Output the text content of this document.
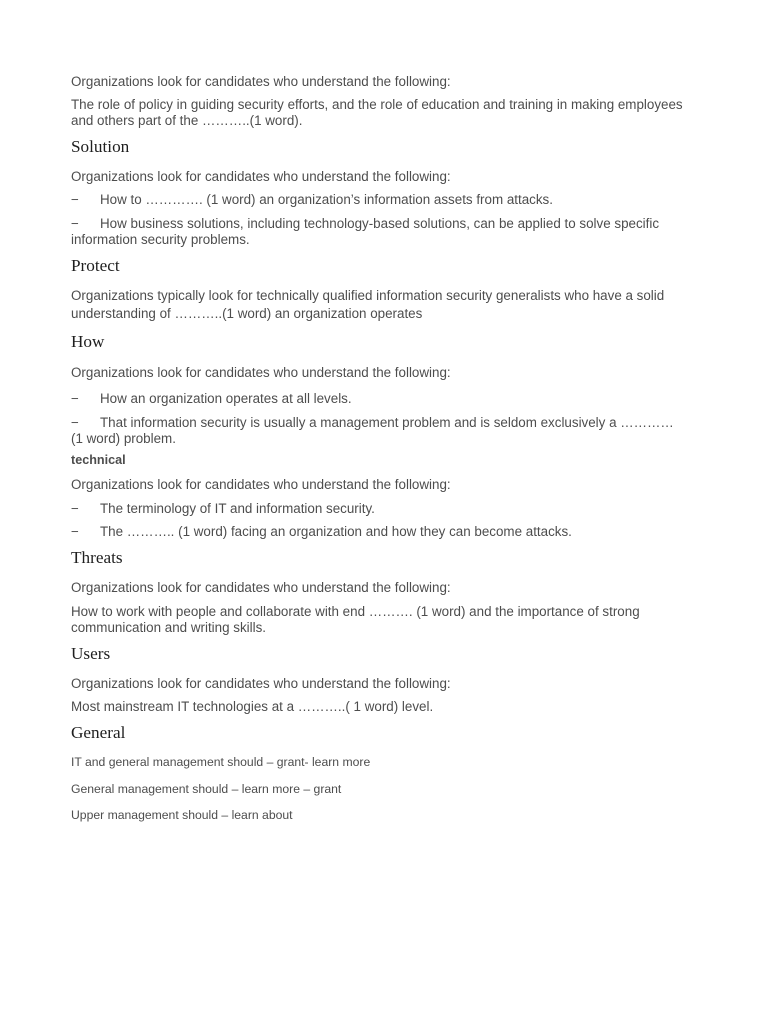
Organizations look for candidates who understand the following:

The role of policy in guiding security efforts, and the role of education and training in making employees and others part of the ………..(1 word).

Solution

Organizations look for candidates who understand the following:

− How to …………. (1 word) an organization’s information assets from attacks.

− How business solutions, including technology-based solutions, can be applied to solve specific information security problems.

Protect

Organizations typically look for technically qualified information security generalists who have a solid understanding of ………..(1 word) an organization operates

How

Organizations look for candidates who understand the following:

− How an organization operates at all levels.

− That information security is usually a management problem and is seldom exclusively a ………… (1 word) problem.

technical

Organizations look for candidates who understand the following:

− The terminology of IT and information security.

− The ……….. (1 word) facing an organization and how they can become attacks.

Threats

Organizations look for candidates who understand the following:

How to work with people and collaborate with end ………. (1 word) and the importance of strong communication and writing skills.

Users

Organizations look for candidates who understand the following:

Most mainstream IT technologies at a ………..( 1 word) level.

General

IT and general management should – grant- learn more

General management should – learn more – grant

Upper management should – learn about
